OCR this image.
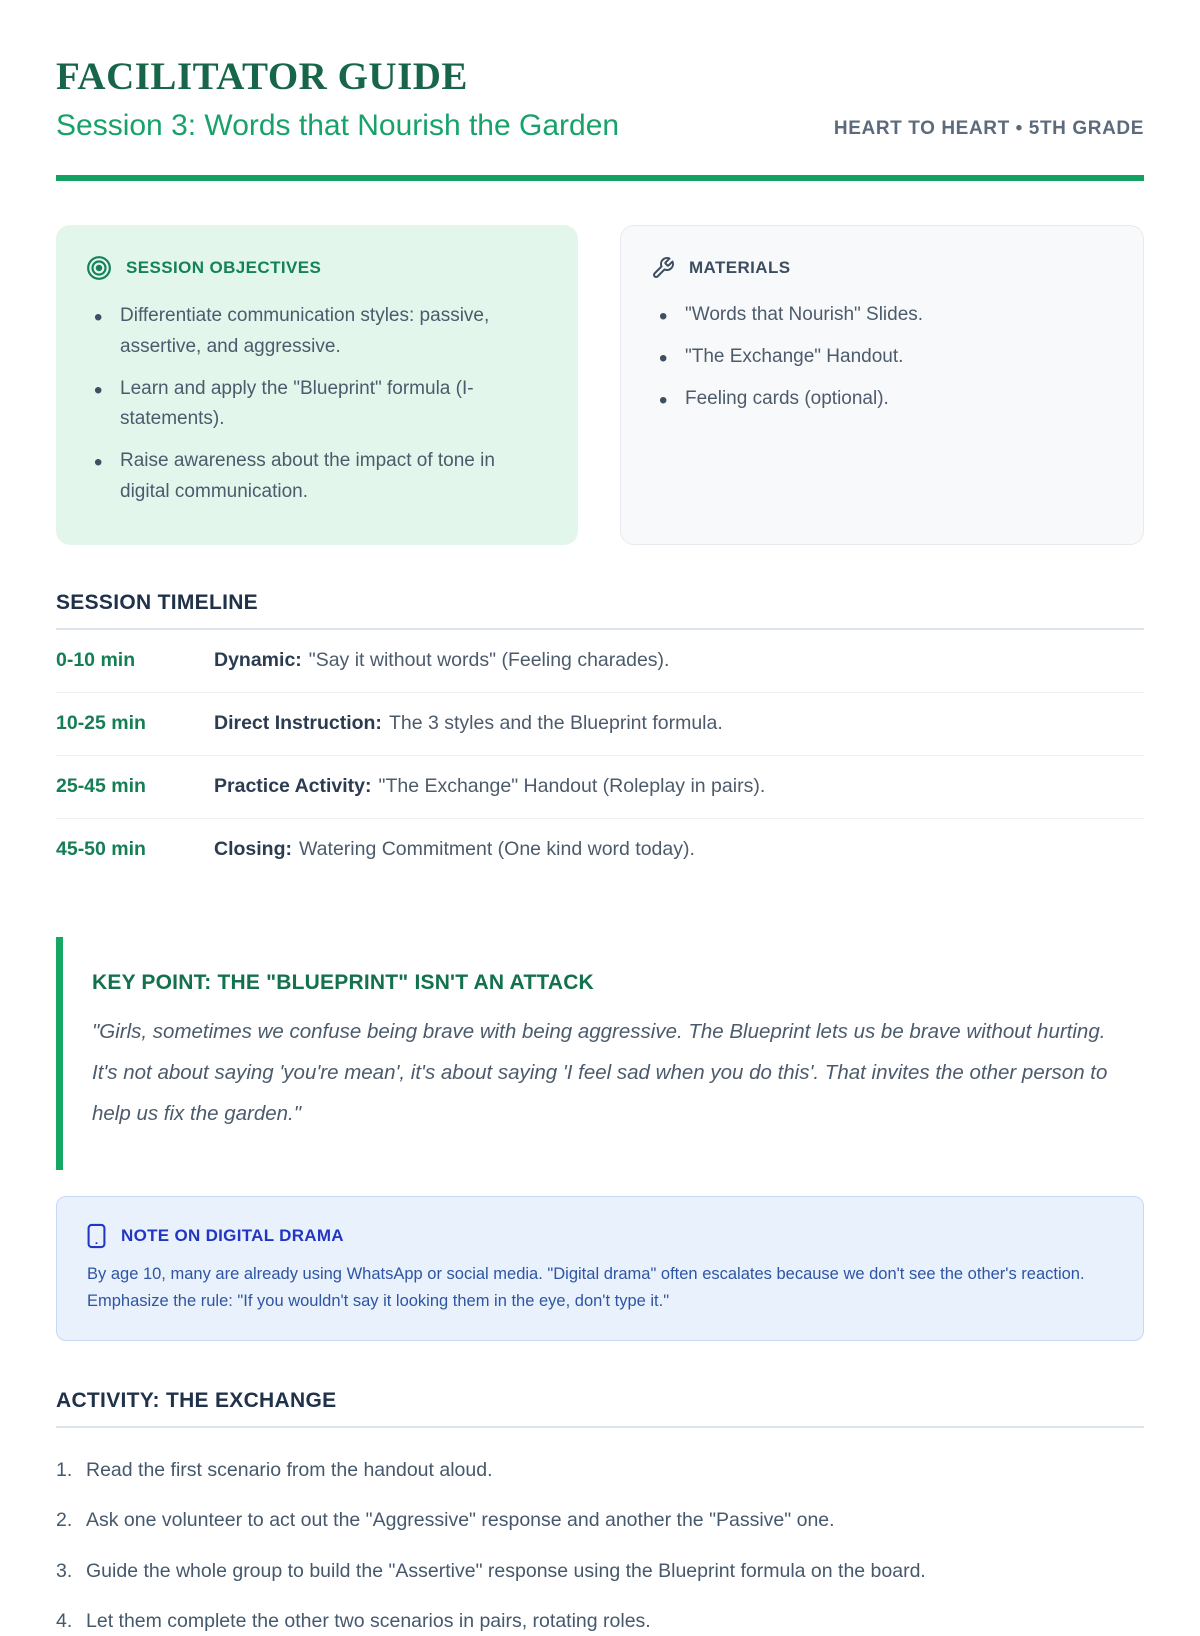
FACILITATOR GUIDE
Session 3: Words that Nourish the Garden	HEART TO HEART • 5TH GRADE
SESSION OBJECTIVES
• Differentiate communication styles: passive, assertive, and aggressive.
• Learn and apply the "Blueprint" formula (I-statements).
• Raise awareness about the impact of tone in digital communication.
MATERIALS
• "Words that Nourish" Slides.
• "The Exchange" Handout.
• Feeling cards (optional).
SESSION TIMELINE
0-10 min	Dynamic: "Say it without words" (Feeling charades).
10-25 min	Direct Instruction: The 3 styles and the Blueprint formula.
25-45 min	Practice Activity: "The Exchange" Handout (Roleplay in pairs).
45-50 min	Closing: Watering Commitment (One kind word today).
KEY POINT: THE "BLUEPRINT" ISN'T AN ATTACK

"Girls, sometimes we confuse being brave with being aggressive. The Blueprint lets us be brave without hurting. It's not about saying 'you're mean', it's about saying 'I feel sad when you do this'. That invites the other person to help us fix the garden."

NOTE ON DIGITAL DRAMA

By age 10, many are already using WhatsApp or social media. "Digital drama" often escalates because we don't see the other's reaction. Emphasize the rule: "If you wouldn't say it looking them in the eye, don't type it."

ACTIVITY: THE EXCHANGE
Read the first scenario from the handout aloud.
Ask one volunteer to act out the "Aggressive" response and another the "Passive" one.
Guide the whole group to build the "Assertive" response using the Blueprint formula on the board.
Let them complete the other two scenarios in pairs, rotating roles.
